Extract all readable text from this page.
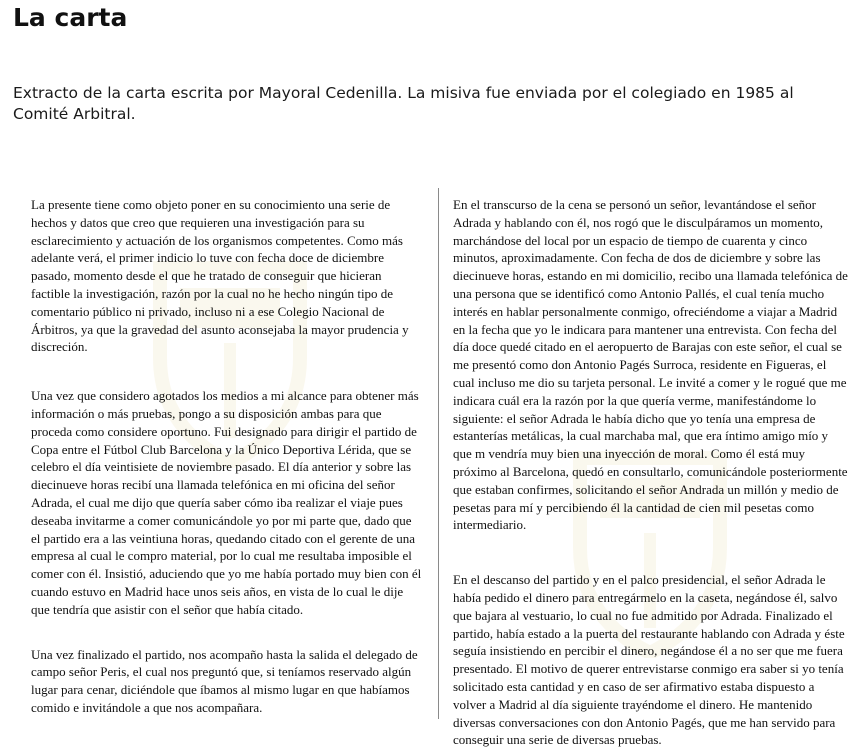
La carta

Extracto de la carta escrita por Mayoral Cedenilla. La misiva fue enviada por el colegiado en 1985 al Comité Arbitral.

La presente tiene como objeto poner en su conocimiento una serie de hechos y datos que creo que requieren una investigación para su esclarecimiento y actuación de los organismos competentes. Como más adelante verá, el primer indicio lo tuve con fecha doce de diciembre pasado, momento desde el que he tratado de conseguir que hicieran factible la investigación, razón por la cual no he hecho ningún tipo de comentario público ni privado, incluso ni a ese Colegio Nacional de Árbitros, ya que la gravedad del asunto aconsejaba la mayor prudencia y discreción.

Una vez que considero agotados los medios a mi alcance para obtener más información o más pruebas, pongo a su disposición ambas para que proceda como considere oportuno. Fui designado para dirigir el partido de Copa entre el Fútbol Club Barcelona y la Único Deportiva Lérida, que se celebro el día veintisiete de noviembre pasado. El día anterior y sobre las diecinueve horas recibí una llamada telefónica en mi oficina del señor Adrada, el cual me dijo que quería saber cómo iba realizar el viaje pues deseaba invitarme a comer comunicándole yo por mi parte que, dado que el partido era a las veintiuna horas, quedando citado con el gerente de una empresa al cual le compro material, por lo cual me resultaba imposible el comer con él. Insistió, aduciendo que yo me había portado muy bien con él cuando estuvo en Madrid hace unos seis años, en vista de lo cual le dije que tendría que asistir con el señor que había citado.

Una vez finalizado el partido, nos acompaño hasta la salida el delegado de campo señor Peris, el cual nos preguntó que, si teníamos reservado algún lugar para cenar, diciéndole que íbamos al mismo lugar en que habíamos comido e invitándole a que nos acompañara.

En el transcurso de la cena se personó un señor, levantándose el señor Adrada y hablando con él, nos rogó que le disculpáramos un momento, marchándose del local por un espacio de tiempo de cuarenta y cinco minutos, aproximadamente. Con fecha de dos de diciembre y sobre las diecinueve horas, estando en mi domicilio, recibo una llamada telefónica de una persona que se identificó como Antonio Pallés, el cual tenía mucho interés en hablar personalmente conmigo, ofreciéndome a viajar a Madrid en la fecha que yo le indicara para mantener una entrevista. Con fecha del día doce quedé citado en el aeropuerto de Barajas con este señor, el cual se me presentó como don Antonio Pagés Surroca, residente en Figueras, el cual incluso me dio su tarjeta personal. Le invité a comer y le rogué que me indicara cuál era la razón por la que quería verme, manifestándome lo siguiente: el señor Adrada le había dicho que yo tenía una empresa de estanterías metálicas, la cual marchaba mal, que era íntimo amigo mío y que m vendría muy bien una inyección de moral. Como él está muy próximo al Barcelona, quedó en consultarlo, comunicándole posteriormente que estaban confirmes, solicitando el señor Andrada un millón y medio de pesetas para mí y percibiendo él la cantidad de cien mil pesetas como intermediario.

En el descanso del partido y en el palco presidencial, el señor Adrada le había pedido el dinero para entregármelo en la caseta, negándose él, salvo que bajara al vestuario, lo cual no fue admitido por Adrada. Finalizado el partido, había estado a la puerta del restaurante hablando con Adrada y éste seguía insistiendo en percibir el dinero, negándose él a no ser que me fuera presentado. El motivo de querer entrevistarse conmigo era saber si yo tenía solicitado esta cantidad y en caso de ser afirmativo estaba dispuesto a volver a Madrid al día siguiente trayéndome el dinero. He mantenido diversas conversaciones con don Antonio Pagés, que me han servido para conseguir una serie de diversas pruebas.
